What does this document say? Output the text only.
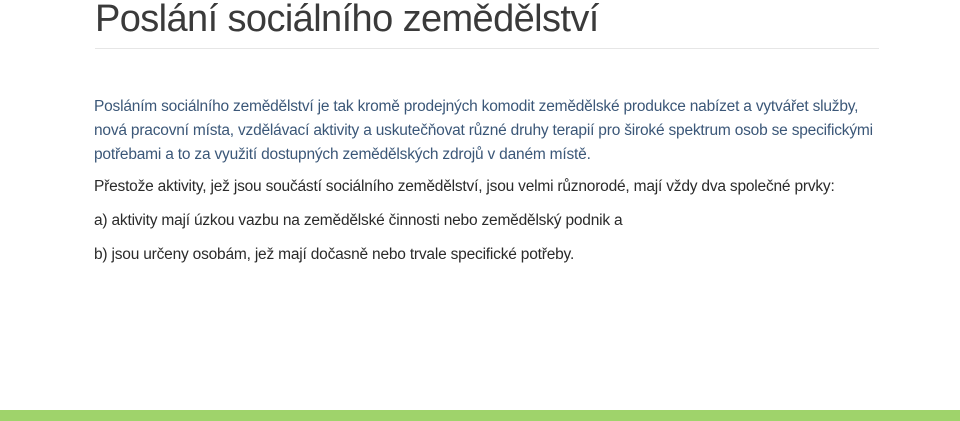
Poslání sociálního zemědělství

Posláním sociálního zemědělství je tak kromě prodejných komodit zemědělské produkce nabízet a vytvářet služby, nová pracovní místa, vzdělávací aktivity a uskutečňovat různé druhy terapií pro široké spektrum osob se specifickými potřebami a to za využití dostupných zemědělských zdrojů v daném místě.

Přestože aktivity, jež jsou součástí sociálního zemědělství, jsou velmi různorodé, mají vždy dva společné prvky:

a) aktivity mají úzkou vazbu na zemědělské činnosti nebo zemědělský podnik a

b) jsou určeny osobám, jež mají dočasně nebo trvale specifické potřeby.
